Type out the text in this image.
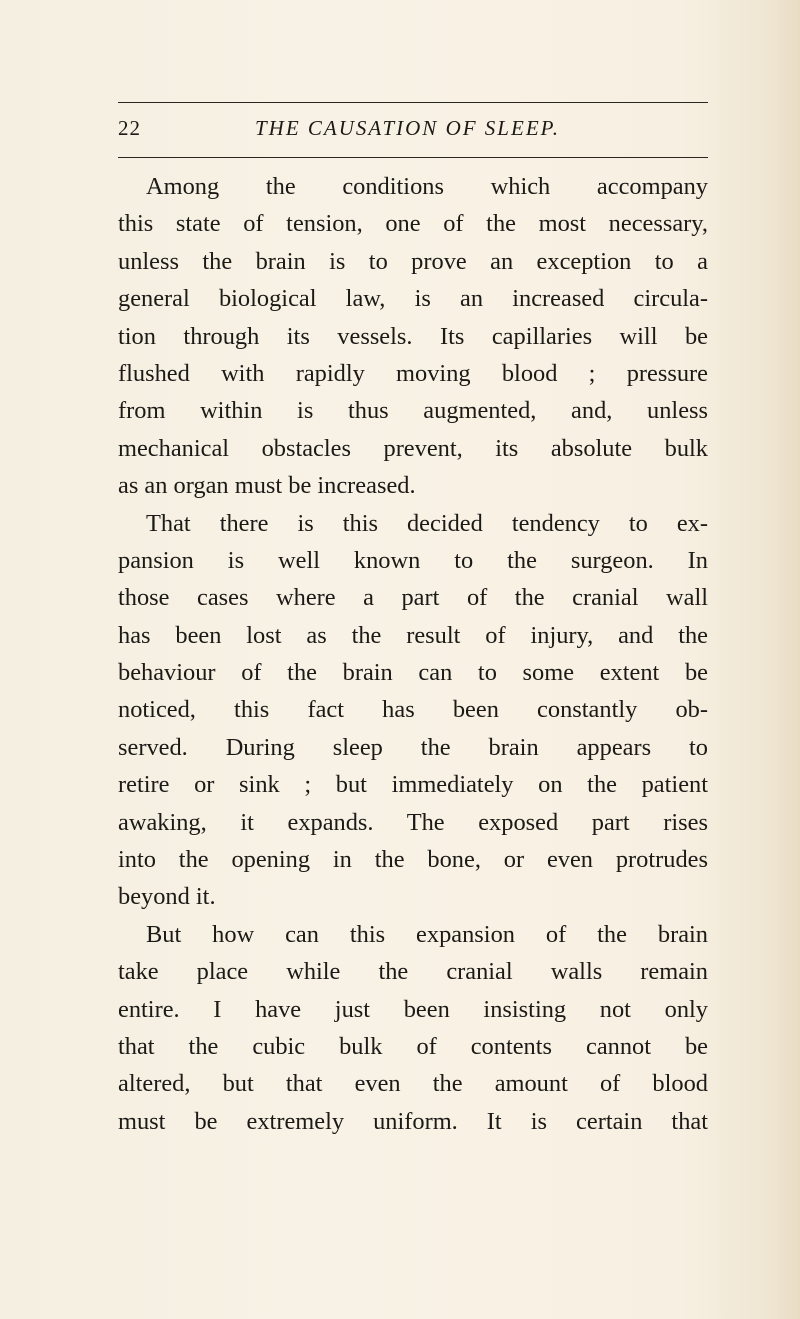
22	THE CAUSATION OF SLEEP.
Among the conditions which accompany
this state of tension, one of the most necessary,
unless the brain is to prove an exception to a
general biological law, is an increased circula-
tion through its vessels. Its capillaries will be
flushed with rapidly moving blood ; pressure
from within is thus augmented, and, unless
mechanical obstacles prevent, its absolute bulk
as an organ must be increased.
That there is this decided tendency to ex-
pansion is well known to the surgeon. In
those cases where a part of the cranial wall
has been lost as the result of injury, and the
behaviour of the brain can to some extent be
noticed, this fact has been constantly ob-
served. During sleep the brain appears to
retire or sink ; but immediately on the patient
awaking, it expands. The exposed part rises
into the opening in the bone, or even protrudes
beyond it.
But how can this expansion of the brain
take place while the cranial walls remain
entire. I have just been insisting not only
that the cubic bulk of contents cannot be
altered, but that even the amount of blood
must be extremely uniform. It is certain that
